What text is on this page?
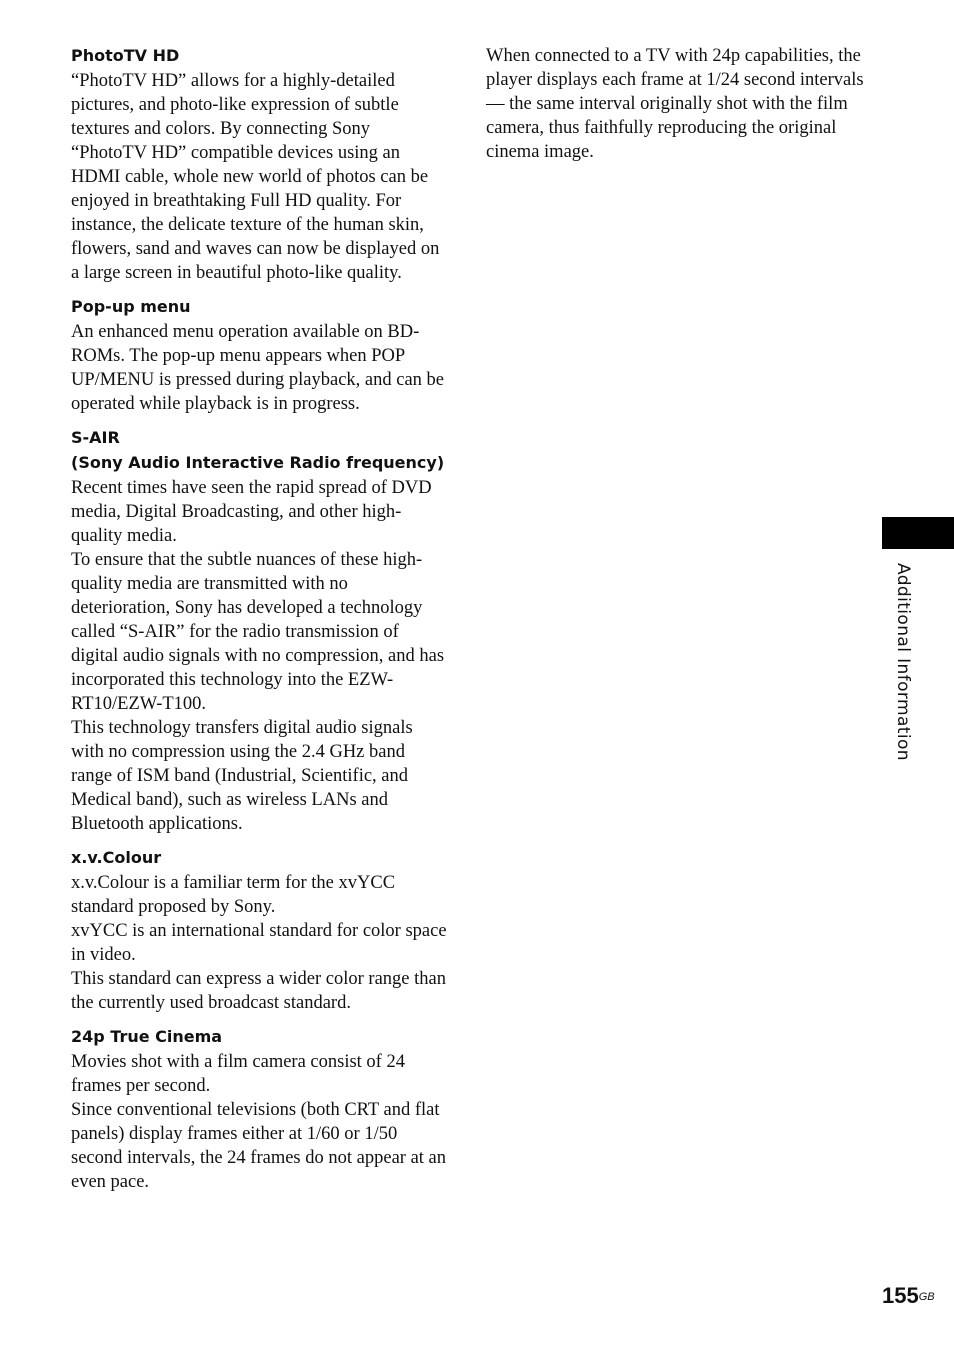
PhotoTV HD

“PhotoTV HD” allows for a highly-detailed pictures, and photo-like expression of subtle textures and colors. By connecting Sony “PhotoTV HD” compatible devices using an HDMI cable, whole new world of photos can be enjoyed in breathtaking Full HD quality. For instance, the delicate texture of the human skin, flowers, sand and waves can now be displayed on a large screen in beautiful photo-like quality.

Pop-up menu

An enhanced menu operation available on BD-ROMs. The pop-up menu appears when POP UP/MENU is pressed during playback, and can be operated while playback is in progress.

S-AIR
(Sony Audio Interactive Radio frequency)

Recent times have seen the rapid spread of DVD media, Digital Broadcasting, and other high-quality media.

To ensure that the subtle nuances of these high-quality media are transmitted with no deterioration, Sony has developed a technology called “S-AIR” for the radio transmission of digital audio signals with no compression, and has incorporated this technology into the EZW-RT10/EZW-T100.

This technology transfers digital audio signals with no compression using the 2.4 GHz band range of ISM band (Industrial, Scientific, and Medical band), such as wireless LANs and Bluetooth applications.

x.v.Colour

x.v.Colour is a familiar term for the xvYCC standard proposed by Sony.

xvYCC is an international standard for color space in video.

This standard can express a wider color range than the currently used broadcast standard.

24p True Cinema

Movies shot with a film camera consist of 24 frames per second.

Since conventional televisions (both CRT and flat panels) display frames either at 1/60 or 1/50 second intervals, the 24 frames do not appear at an even pace.

When connected to a TV with 24p capabilities, the player displays each frame at 1/24 second intervals — the same interval originally shot with the film camera, thus faithfully reproducing the original cinema image.

Additional Information
$155^{GB}$
